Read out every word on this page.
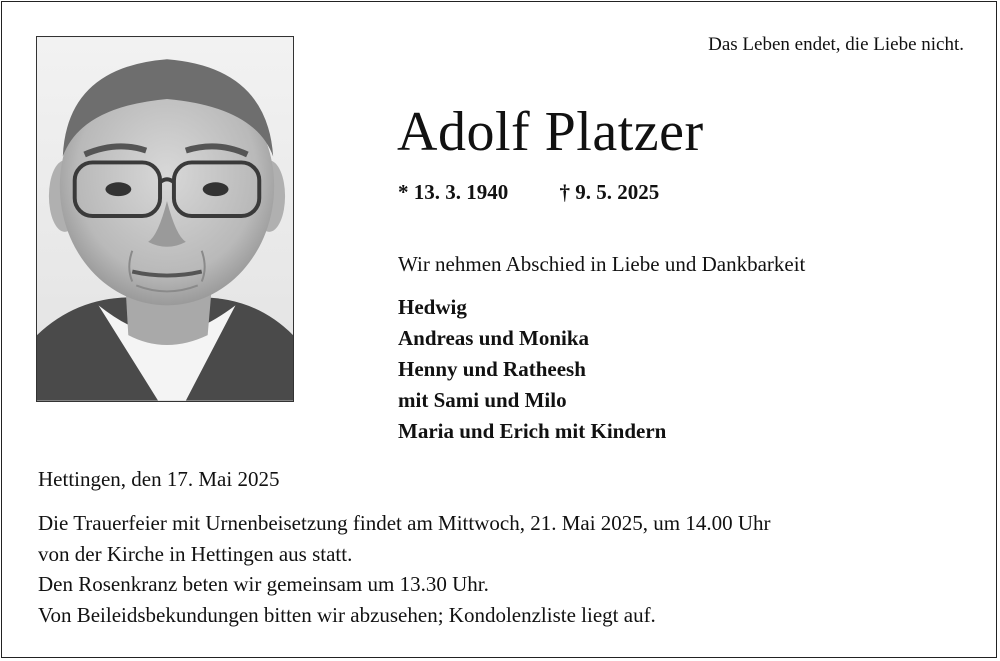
Das Leben endet, die Liebe nicht.
Adolf Platzer
* 13. 3. 1940 † 9. 5. 2025
Wir nehmen Abschied in Liebe und Dankbarkeit
Hedwig
Andreas und Monika
Henny und Ratheesh
mit Sami und Milo
Maria und Erich mit Kindern
Hettingen, den 17. Mai 2025

Die Trauerfeier mit Urnenbeisetzung findet am Mittwoch, 21. Mai 2025, um 14.00 Uhr

von der Kirche in Hettingen aus statt.

Den Rosenkranz beten wir gemeinsam um 13.30 Uhr.

Von Beileidsbekundungen bitten wir abzusehen; Kondolenzliste liegt auf.
